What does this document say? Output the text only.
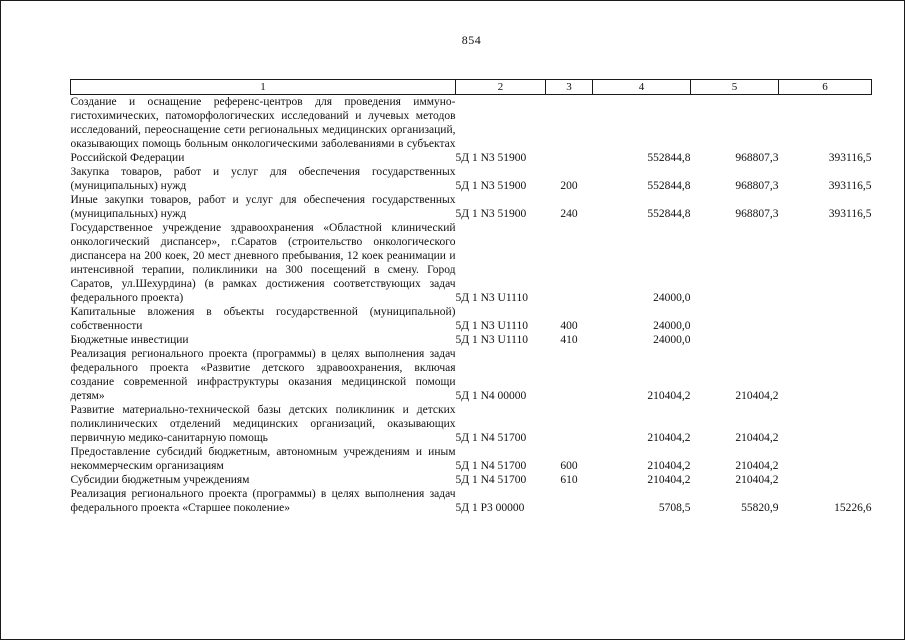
854
1	2	3	4	5	6
Создание и оснащение референс-центров для проведения иммуно-гистохимических, патоморфологических исследований и лучевых методов исследований, переоснащение сети региональных медицинских организаций, оказывающих помощь больным онкологическими заболеваниями в субъектах Российской Федерации	5Д 1 N3 51900		552844,8	968807,3	393116,5
Закупка товаров, работ и услуг для обеспечения государственных (муниципальных) нужд	5Д 1 N3 51900	200	552844,8	968807,3	393116,5
Иные закупки товаров, работ и услуг для обеспечения государственных (муниципальных) нужд	5Д 1 N3 51900	240	552844,8	968807,3	393116,5
Государственное учреждение здравоохранения «Областной клинический онкологический диспансер», г.Саратов (строительство онкологического диспансера на 200 коек, 20 мест дневного пребывания, 12 коек реанимации и интенсивной терапии, поликлиники на 300 посещений в смену. Город Саратов, ул.Шехурдина) (в рамках достижения соответствующих задач федерального проекта)	5Д 1 N3 U1110		24000,0		
Капитальные вложения в объекты государственной (муниципальной) собственности	5Д 1 N3 U1110	400	24000,0		
Бюджетные инвестиции	5Д 1 N3 U1110	410	24000,0		
Реализация регионального проекта (программы) в целях выполнения задач федерального проекта «Развитие детского здравоохранения, включая создание современной инфраструктуры оказания медицинской помощи детям»	5Д 1 N4 00000		210404,2	210404,2	
Развитие материально-технической базы детских поликлиник и детских поликлинических отделений медицинских организаций, оказывающих первичную медико-санитарную помощь	5Д 1 N4 51700		210404,2	210404,2	
Предоставление субсидий бюджетным, автономным учреждениям и иным некоммерческим организациям	5Д 1 N4 51700	600	210404,2	210404,2	
Субсидии бюджетным учреждениям	5Д 1 N4 51700	610	210404,2	210404,2	
Реализация регионального проекта (программы) в целях выполнения задач федерального проекта «Старшее поколение»	5Д 1 P3 00000		5708,5	55820,9	15226,6
